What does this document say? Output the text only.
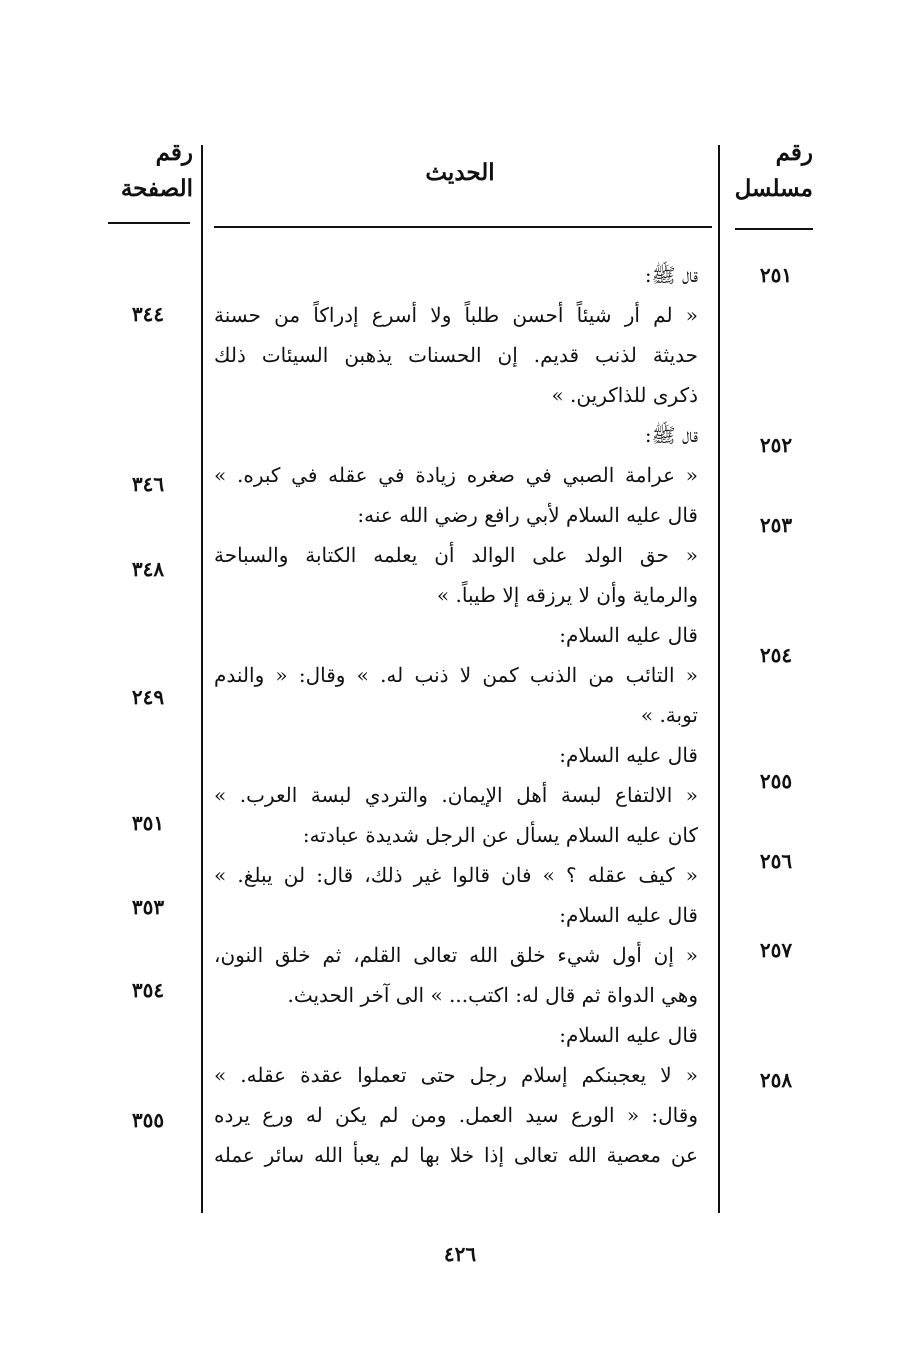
رقم
مسلسل
الحديث
رقم
الصفحة
٢٥١
٢٥٢
٢٥٣
٢٥٤
٢٥٥
٢٥٦
٢٥٧
٢٥٨
قال ﷺ:
« لم أر شيئاً أحسن طلباً ولا أسرع إدراكاً من حسنة
حديثة لذنب قديم. إن الحسنات يذهبن السيئات ذلك
ذكرى للذاكرين. »
قال ﷺ:
« عرامة الصبي في صغره زيادة في عقله في كبره. »
قال عليه السلام لأبي رافع رضي الله عنه:
« حق الولد على الوالد أن يعلمه الكتابة والسباحة
والرماية وأن لا يرزقه إلا طيباً. »
قال عليه السلام:
« التائب من الذنب كمن لا ذنب له. » وقال: « والندم
توبة. »
قال عليه السلام:
« الالتفاع لبسة أهل الإيمان. والتردي لبسة العرب. »
كان عليه السلام يسأل عن الرجل شديدة عبادته:
« كيف عقله ؟ » فان قالوا غير ذلك، قال: لن يبلغ. »
قال عليه السلام:
« إن أول شيء خلق الله تعالى القلم، ثم خلق النون،
وهي الدواة ثم قال له: اكتب... » الى آخر الحديث.
قال عليه السلام:
« لا يعجبنكم إسلام رجل حتى تعملوا عقدة عقله. »
وقال: « الورع سيد العمل. ومن لم يكن له ورع يرده
عن معصية الله تعالى إذا خلا بها لم يعبأ الله سائر عمله
٣٤٤
٣٤٦
٣٤٨
٢٤٩
٣٥١
٣٥٣
٣٥٤
٣٥٥
٤٢٦
